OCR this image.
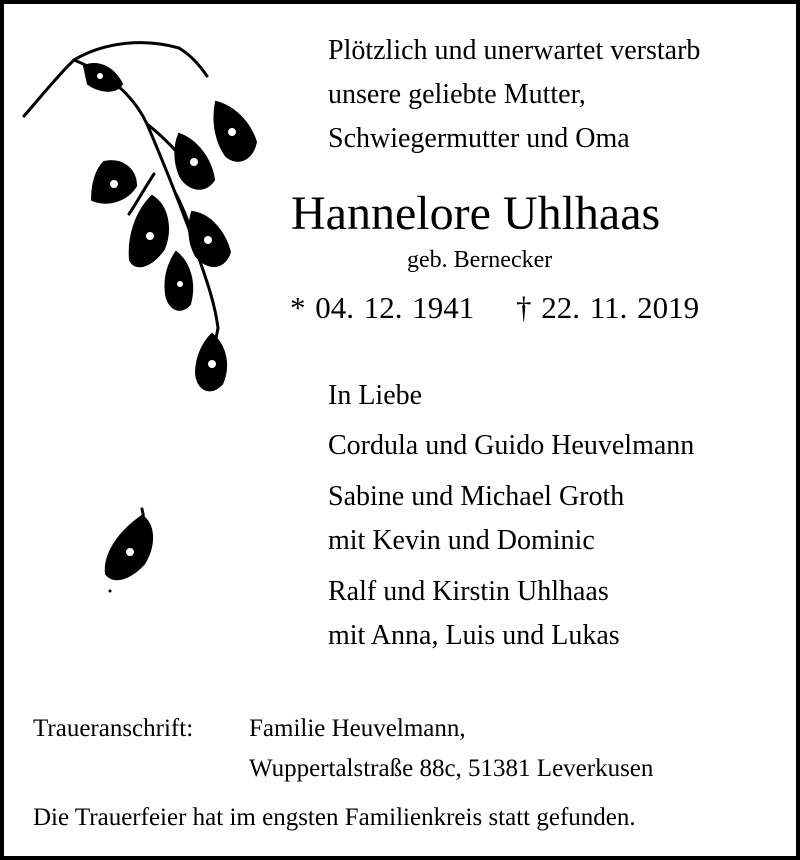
Plötzlich und unerwartet verstarb
unsere geliebte Mutter,
Schwiegermutter und Oma
Hannelore Uhlhaas
geb. Bernecker
* 04. 12. 1941 † 22. 11. 2019
In Liebe
Cordula und Guido Heuvelmann
Sabine und Michael Groth
mit Kevin und Dominic
Ralf und Kirstin Uhlhaas
mit Anna, Luis und Lukas
Traueranschrift: Familie Heuvelmann,
Wuppertalstraße 88c, 51381 Leverkusen
Die Trauerfeier hat im engsten Familienkreis statt gefunden.
